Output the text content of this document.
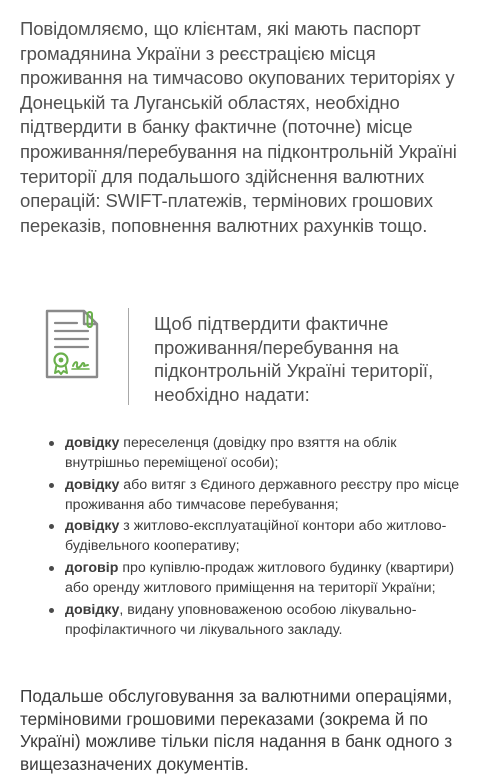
Повідомляємо, що клієнтам, які мають паспорт громадянина України з реєстрацією місця проживання на тимчасово окупованих територіях у Донецькій та Луганській областях, необхідно підтвердити в банку фактичне (поточне) місце проживання/перебування на підконтрольній Україні території для подальшого здійснення валютних операцій: SWIFT-платежів, термінових грошових переказів, поповнення валютних рахунків тощо.

Щоб підтвердити фактичне проживання/перебування на підконтрольній Україні території, необхідно надати:
довідку переселенця (довідку про взяття на облік внутрішньо переміщеної особи);
довідку або витяг з Єдиного державного реєстру про місце проживання або тимчасове перебування;
довідку з житлово-експлуатаційної контори або житлово-будівельного кооперативу;
договір про купівлю-продаж житлового будинку (квартири) або оренду житлового приміщення на території України;
довідку, видану уповноваженою особою лікувально-профілактичного чи лікувального закладу.

Подальше обслуговування за валютними операціями, терміновими грошовими переказами (зокрема й по Україні) можливе тільки після надання в банк одного з вищезазначених документів.
